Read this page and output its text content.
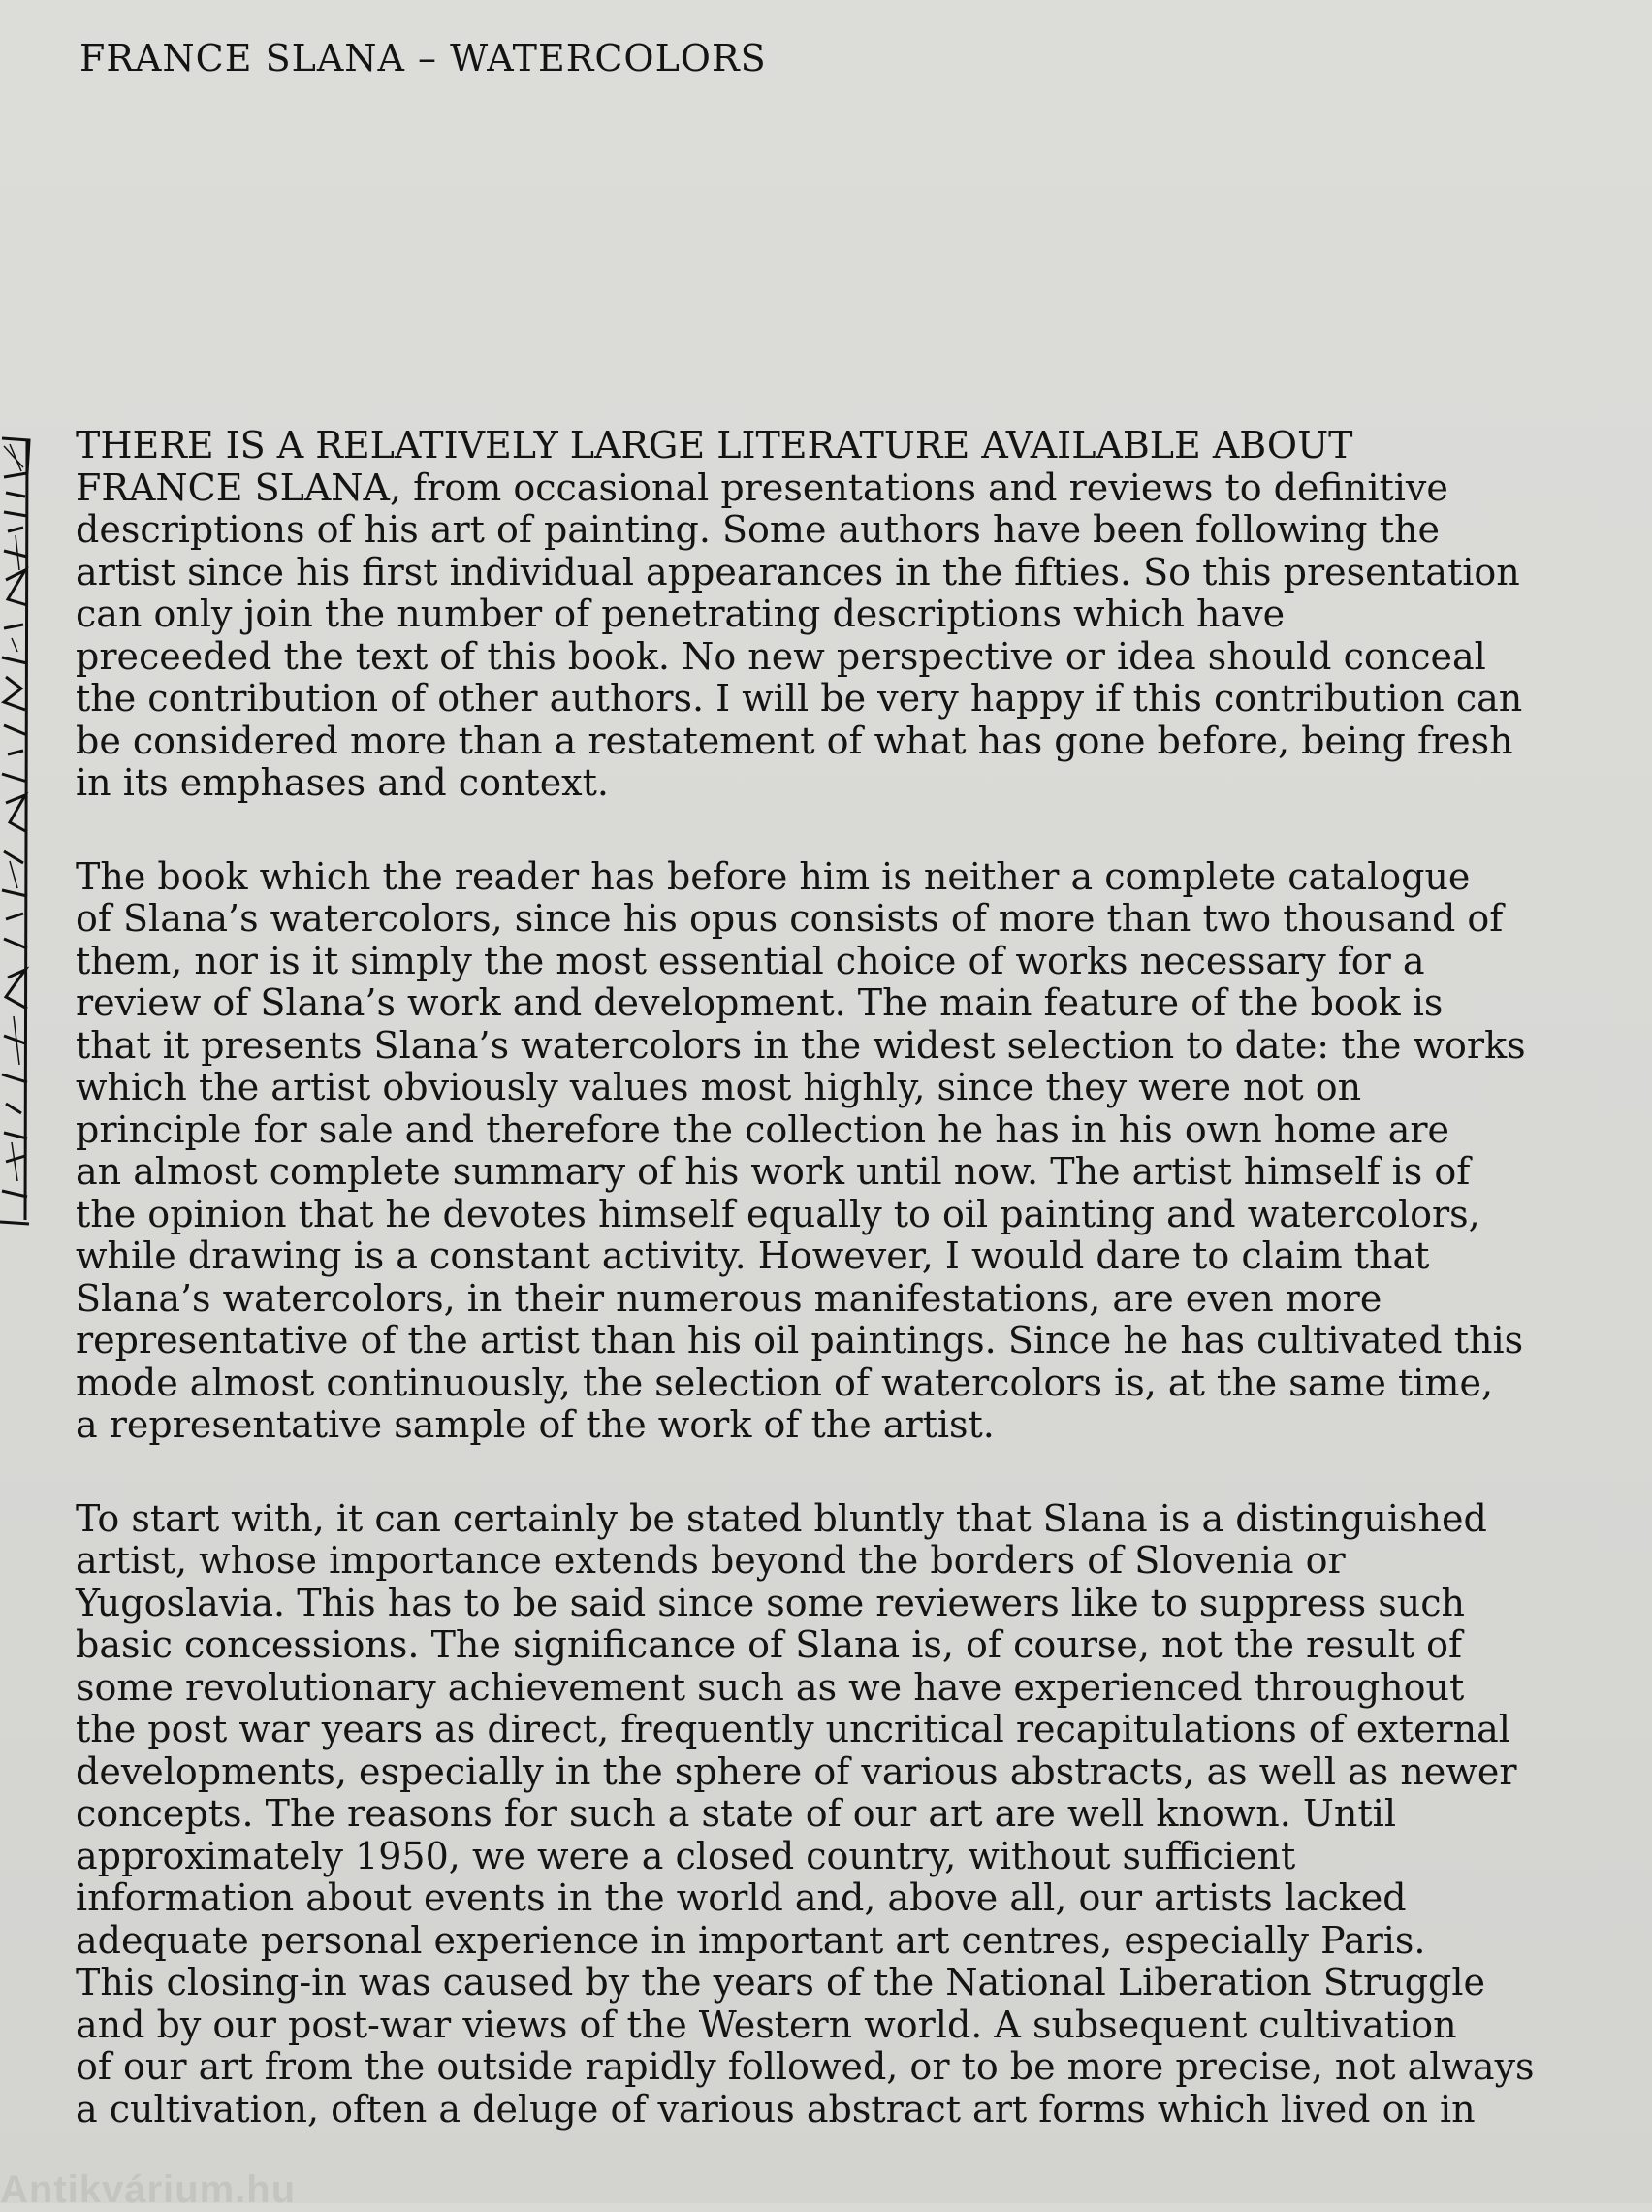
FRANCE SLANA – WATERCOLORS
THERE IS A RELATIVELY LARGE LITERATURE AVAILABLE ABOUT
FRANCE SLANA, from occasional presentations and reviews to definitive
descriptions of his art of painting. Some authors have been following the
artist since his first individual appearances in the fifties. So this presentation
can only join the number of penetrating descriptions which have
preceeded the text of this book. No new perspective or idea should conceal
the contribution of other authors. I will be very happy if this contribution can
be considered more than a restatement of what has gone before, being fresh
in its emphases and context.
The book which the reader has before him is neither a complete catalogue
of Slana’s watercolors, since his opus consists of more than two thousand of
them, nor is it simply the most essential choice of works necessary for a
review of Slana’s work and development. The main feature of the book is
that it presents Slana’s watercolors in the widest selection to date: the works
which the artist obviously values most highly, since they were not on
principle for sale and therefore the collection he has in his own home are
an almost complete summary of his work until now. The artist himself is of
the opinion that he devotes himself equally to oil painting and watercolors,
while drawing is a constant activity. However, I would dare to claim that
Slana’s watercolors, in their numerous manifestations, are even more
representative of the artist than his oil paintings. Since he has cultivated this
mode almost continuously, the selection of watercolors is, at the same time,
a representative sample of the work of the artist.
To start with, it can certainly be stated bluntly that Slana is a distinguished
artist, whose importance extends beyond the borders of Slovenia or
Yugoslavia. This has to be said since some reviewers like to suppress such
basic concessions. The significance of Slana is, of course, not the result of
some revolutionary achievement such as we have experienced throughout
the post war years as direct, frequently uncritical recapitulations of external
developments, especially in the sphere of various abstracts, as well as newer
concepts. The reasons for such a state of our art are well known. Until
approximately 1950, we were a closed country, without sufficient
information about events in the world and, above all, our artists lacked
adequate personal experience in important art centres, especially Paris.
This closing-in was caused by the years of the National Liberation Struggle
and by our post-war views of the Western world. A subsequent cultivation
of our art from the outside rapidly followed, or to be more precise, not always
a cultivation, often a deluge of various abstract art forms which lived on in
Antikvárium.hu
